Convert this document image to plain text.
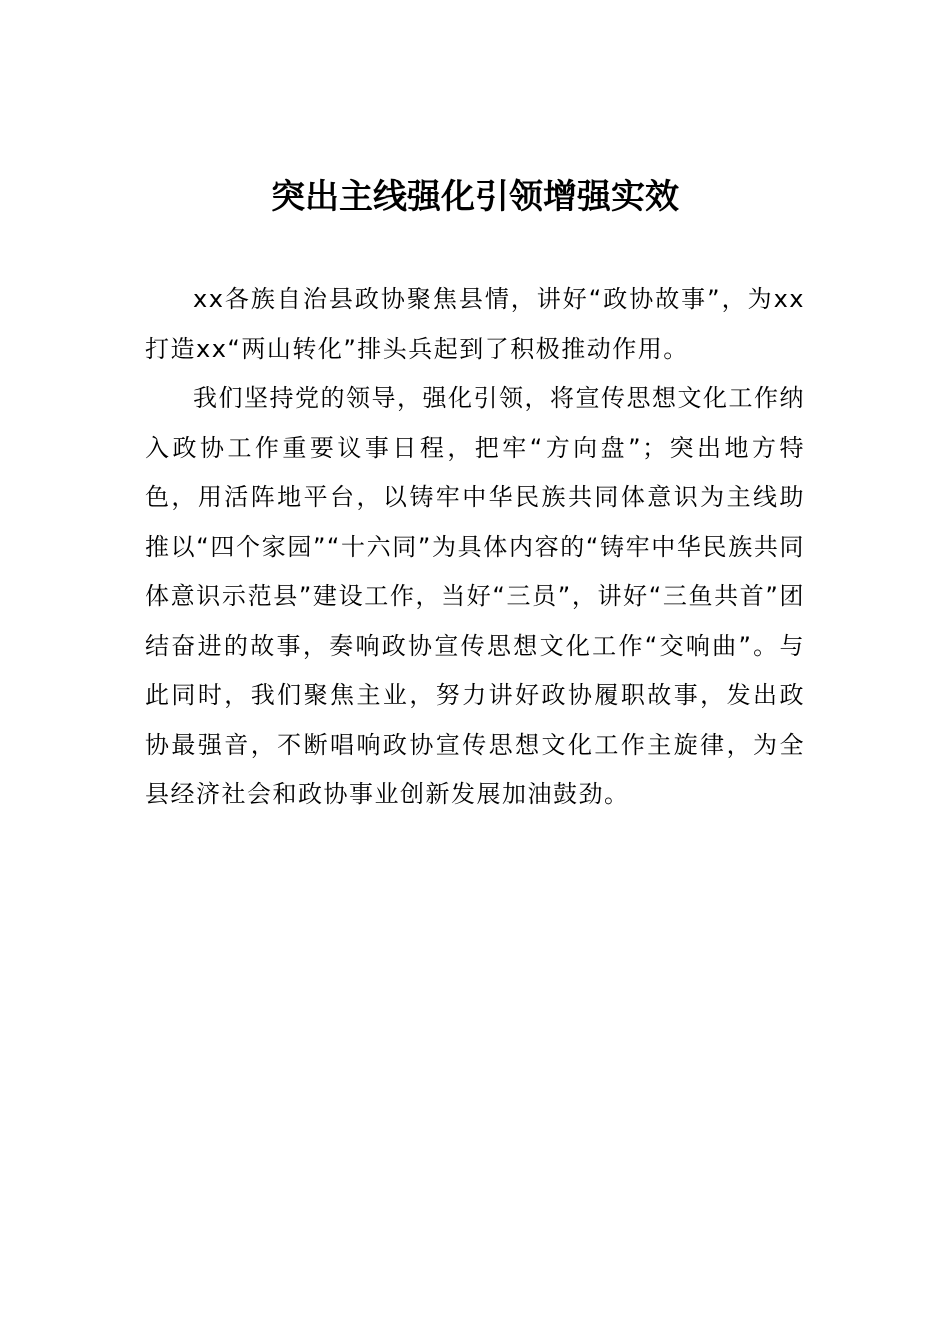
突出主线强化引领增强实效

xx各族自治县政协聚焦县情，讲好“政协故事”，为xx打造xx“两山转化”排头兵起到了积极推动作用。

我们坚持党的领导，强化引领，将宣传思想文化工作纳入政协工作重要议事日程，把牢“方向盘”；突出地方特色，用活阵地平台，以铸牢中华民族共同体意识为主线助推以“四个家园”“十六同”为具体内容的“铸牢中华民族共同体意识示范县”建设工作，当好“三员”，讲好“三鱼共首”团结奋进的故事，奏响政协宣传思想文化工作“交响曲”。与此同时，我们聚焦主业，努力讲好政协履职故事，发出政协最强音，不断唱响政协宣传思想文化工作主旋律，为全县经济社会和政协事业创新发展加油鼓劲。
